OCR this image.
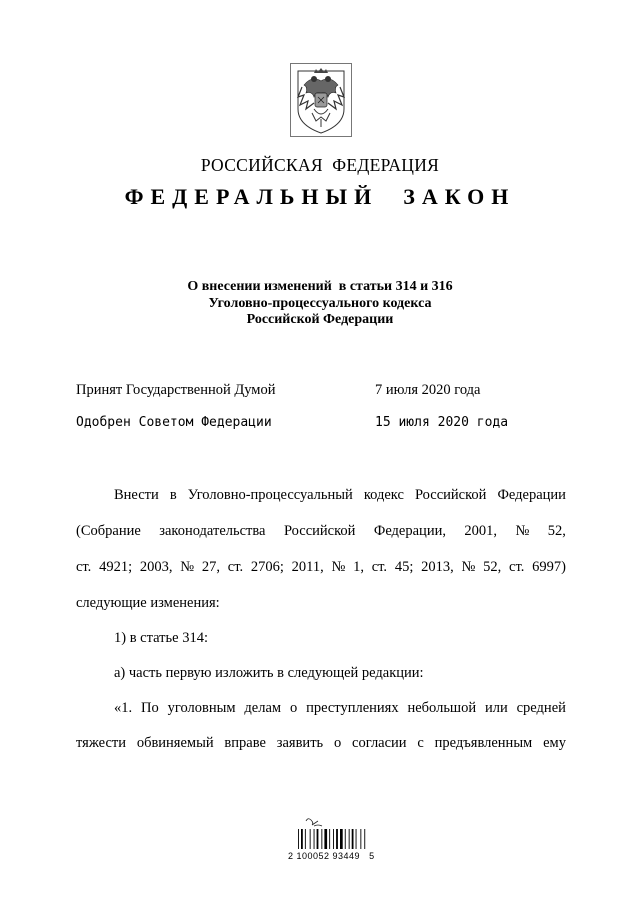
РОССИЙСКАЯ  ФЕДЕРАЦИЯ
ФЕДЕРАЛЬНЫЙ  ЗАКОН
О внесении изменений  в статьи 314 и 316
Уголовно-процессуального кодекса
Российской Федерации
Принят Государственной Думой	7 июля 2020 года
Одобрен Советом Федерации	15 июля 2020 года
Внести в Уголовно-процессуальный кодекс Российской Федерации
(Собрание законодательства Российской Федерации, 2001, № 52,
ст. 4921; 2003, № 27, ст. 2706; 2011, № 1, ст. 45; 2013, № 52, ст. 6997)
следующие изменения:
1) в статье 314:
а) часть первую изложить в следующей редакции:
«1. По уголовным делам о преступлениях небольшой или средней
тяжести обвиняемый вправе заявить о согласии с предъявленным ему
2 100052 93449   5
